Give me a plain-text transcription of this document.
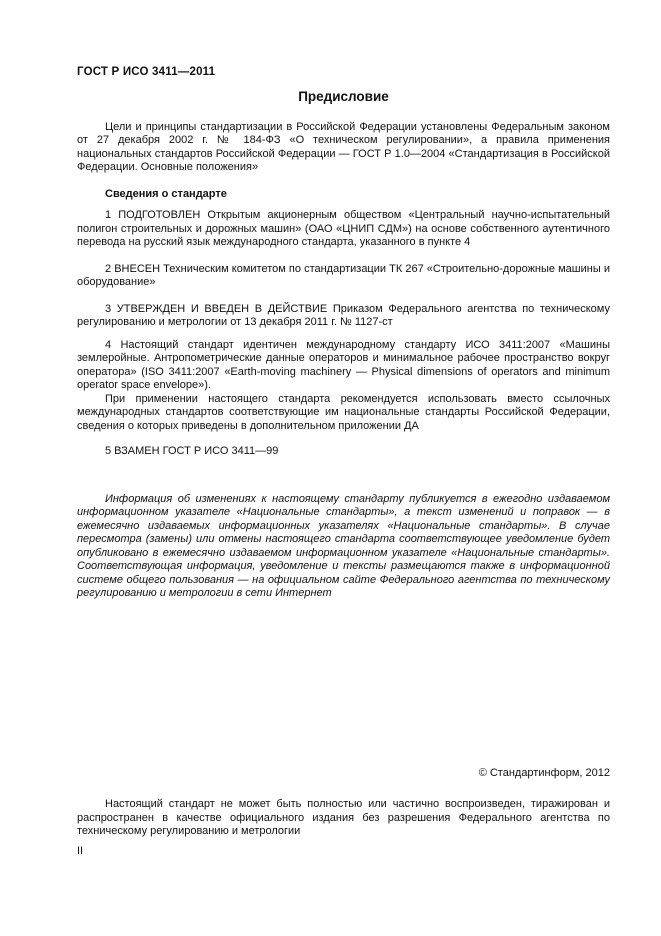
ГОСТ Р ИСО 3411—2011
Предисловие

Цели и принципы стандартизации в Российской Федерации установлены Федеральным законом от 27 декабря 2002 г. № 184-ФЗ «О техническом регулировании», а правила применения национальных стандартов Российской Федерации — ГОСТ Р 1.0—2004 «Стандартизация в Российской Федерации. Основные положения»

Сведения о стандарте

1 ПОДГОТОВЛЕН Открытым акционерным обществом «Центральный научно-испытательный полигон строительных и дорожных машин» (ОАО «ЦНИП СДМ») на основе собственного аутентичного перевода на русский язык международного стандарта, указанного в пункте 4

2 ВНЕСЕН Техническим комитетом по стандартизации ТК 267 «Строительно-дорожные машины и оборудование»

3 УТВЕРЖДЕН И ВВЕДЕН В ДЕЙСТВИЕ Приказом Федерального агентства по техническому регулированию и метрологии от 13 декабря 2011 г. № 1127-ст

4 Настоящий стандарт идентичен международному стандарту ИСО 3411:2007 «Машины землеройные. Антропометрические данные операторов и минимальное рабочее пространство вокруг оператора» (ISO 3411:2007 «Earth-moving machinery — Physical dimensions of operators and minimum operator space envelope»).

При применении настоящего стандарта рекомендуется использовать вместо ссылочных международных стандартов соответствующие им национальные стандарты Российской Федерации, сведения о которых приведены в дополнительном приложении ДА

5 ВЗАМЕН ГОСТ Р ИСО 3411—99

Информация об изменениях к настоящему стандарту публикуется в ежегодно издаваемом информационном указателе «Национальные стандарты», а текст изменений и поправок — в ежемесячно издаваемых информационных указателях «Национальные стандарты». В случае пересмотра (замены) или отмены настоящего стандарта соответствующее уведомление будет опубликовано в ежемесячно издаваемом информационном указателе «Национальные стандарты». Соответствующая информация, уведомление и тексты размещаются также в информационной системе общего пользования — на официальном сайте Федерального агентства по техническому регулированию и метрологии в сети Интернет

© Стандартинформ, 2012

Настоящий стандарт не может быть полностью или частично воспроизведен, тиражирован и распространен в качестве официального издания без разрешения Федерального агентства по техническому регулированию и метрологии

II
